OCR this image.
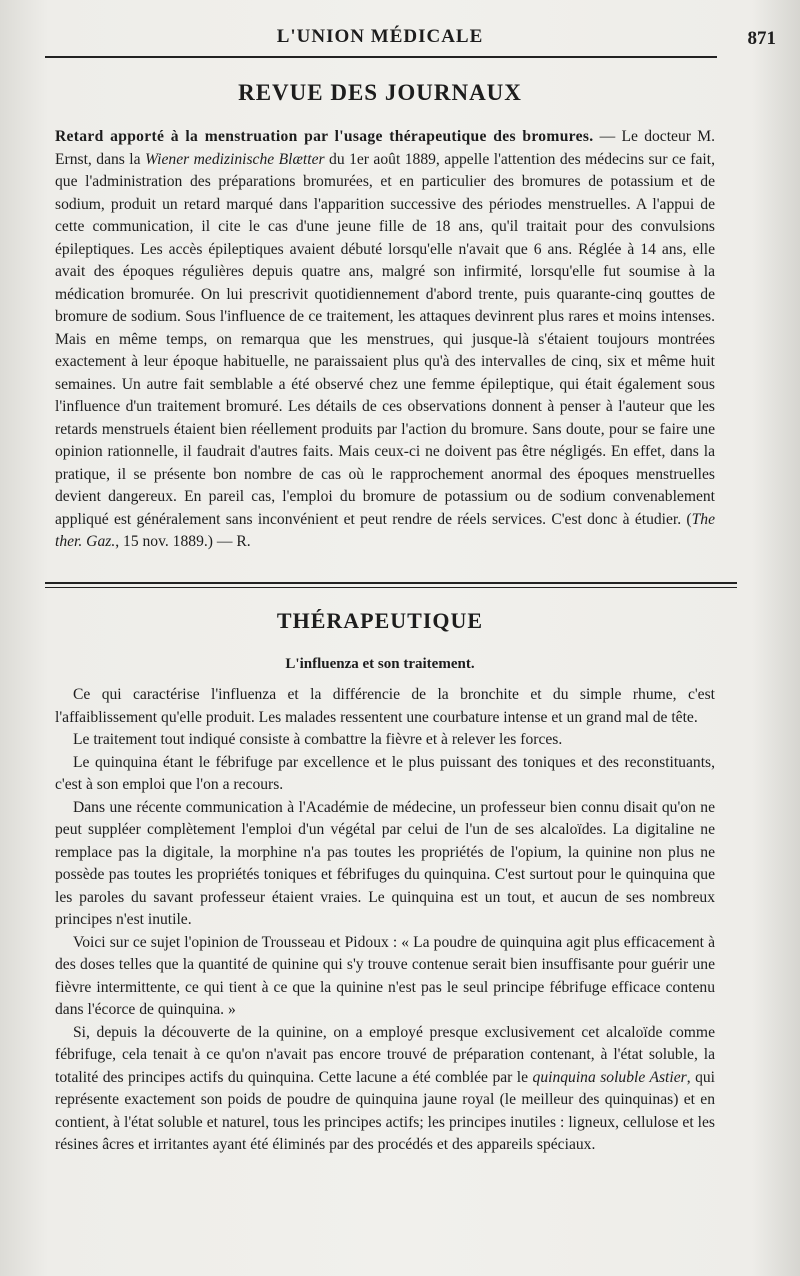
L'UNION MÉDICALE	871
REVUE DES JOURNAUX

Retard apporté à la menstruation par l'usage thérapeutique des bromures. — Le docteur M. Ernst, dans la Wiener medizinische Blætter du 1er août 1889, appelle l'attention des médecins sur ce fait, que l'administration des préparations bromurées, et en particulier des bromures de potassium et de sodium, produit un retard marqué dans l'apparition successive des périodes menstruelles. A l'appui de cette communication, il cite le cas d'une jeune fille de 18 ans, qu'il traitait pour des convulsions épileptiques. Les accès épileptiques avaient débuté lorsqu'elle n'avait que 6 ans. Réglée à 14 ans, elle avait des époques régulières depuis quatre ans, malgré son infirmité, lorsqu'elle fut soumise à la médication bromurée. On lui prescrivit quotidiennement d'abord trente, puis quarante-cinq gouttes de bromure de sodium. Sous l'influence de ce traitement, les attaques devinrent plus rares et moins intenses. Mais en même temps, on remarqua que les menstrues, qui jusque-là s'étaient toujours montrées exactement à leur époque habituelle, ne paraissaient plus qu'à des intervalles de cinq, six et même huit semaines. Un autre fait semblable a été observé chez une femme épileptique, qui était également sous l'influence d'un traitement bromuré. Les détails de ces observations donnent à penser à l'auteur que les retards menstruels étaient bien réellement produits par l'action du bromure. Sans doute, pour se faire une opinion rationnelle, il faudrait d'autres faits. Mais ceux-ci ne doivent pas être négligés. En effet, dans la pratique, il se présente bon nombre de cas où le rapprochement anormal des époques menstruelles devient dangereux. En pareil cas, l'emploi du bromure de potassium ou de sodium convenablement appliqué est généralement sans inconvénient et peut rendre de réels services. C'est donc à étudier. (The ther. Gaz., 15 nov. 1889.) — R.

THÉRAPEUTIQUE
L'influenza et son traitement.

Ce qui caractérise l'influenza et la différencie de la bronchite et du simple rhume, c'est l'affaiblissement qu'elle produit. Les malades ressentent une courbature intense et un grand mal de tête.

Le traitement tout indiqué consiste à combattre la fièvre et à relever les forces.

Le quinquina étant le fébrifuge par excellence et le plus puissant des toniques et des reconstituants, c'est à son emploi que l'on a recours.

Dans une récente communication à l'Académie de médecine, un professeur bien connu disait qu'on ne peut suppléer complètement l'emploi d'un végétal par celui de l'un de ses alcaloïdes. La digitaline ne remplace pas la digitale, la morphine n'a pas toutes les propriétés de l'opium, la quinine non plus ne possède pas toutes les propriétés toniques et fébrifuges du quinquina. C'est surtout pour le quinquina que les paroles du savant professeur étaient vraies. Le quinquina est un tout, et aucun de ses nombreux principes n'est inutile.

Voici sur ce sujet l'opinion de Trousseau et Pidoux : « La poudre de quinquina agit plus efficacement à des doses telles que la quantité de quinine qui s'y trouve contenue serait bien insuffisante pour guérir une fièvre intermittente, ce qui tient à ce que la quinine n'est pas le seul principe fébrifuge efficace contenu dans l'écorce de quinquina. »

Si, depuis la découverte de la quinine, on a employé presque exclusivement cet alcaloïde comme fébrifuge, cela tenait à ce qu'on n'avait pas encore trouvé de préparation contenant, à l'état soluble, la totalité des principes actifs du quinquina. Cette lacune a été comblée par le quinquina soluble Astier, qui représente exactement son poids de poudre de quinquina jaune royal (le meilleur des quinquinas) et en contient, à l'état soluble et naturel, tous les principes actifs; les principes inutiles : ligneux, cellulose et les résines âcres et irritantes ayant été éliminés par des procédés et des appareils spéciaux.
